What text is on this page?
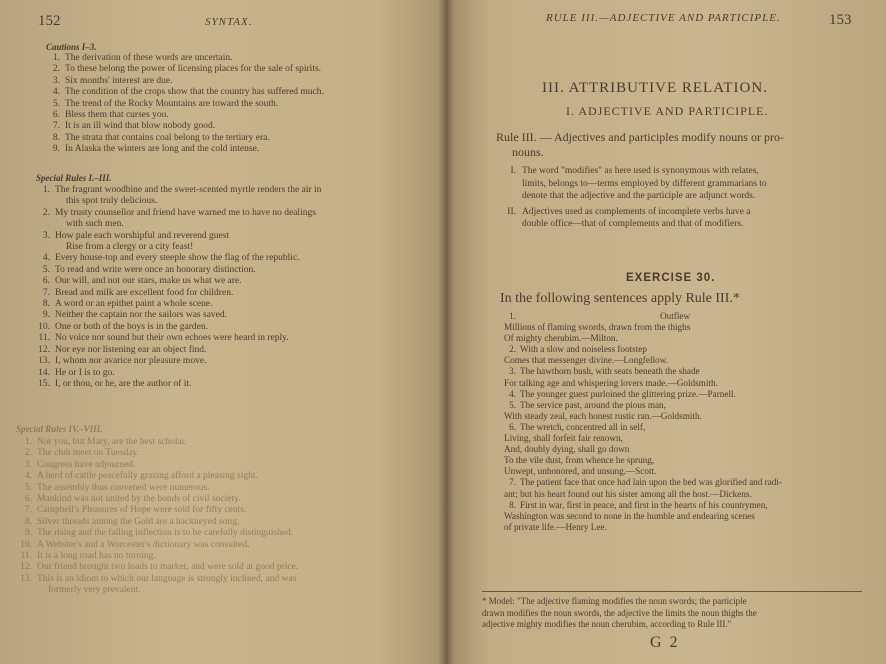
152	SYNTAX.
Cautions I–3.
1. The derivation of these words are uncertain.
2. To these belong the power of licensing places for the sale of spirits.
3. Six months' interest are due.
4. The condition of the crops show that the country has suffered much.
5. The trend of the Rocky Mountains are toward the south.
6. Bless them that curses you.
7. It is an ill wind that blow nobody good.
8. The strata that contains coal belong to the tertiary era.
9. In Alaska the winters are long and the cold intense.
Special Rules I.–III.
1. The fragrant woodbine and the sweet-scented myrtle renders the air in
this spot truly delicious.
2. My trusty counsellor and friend have warned me to have no dealings
with such men.
3. How pale each worshipful and reverend guest
Rise from a clergy or a city feast!
4. Every house-top and every steeple show the flag of the republic.
5. To read and write were once an honorary distinction.
6. Our will, and not our stars, make us what we are.
7. Bread and milk are excellent food for children.
8. A word or an epithet paint a whole scene.
9. Neither the captain nor the sailors was saved.
10. One or both of the boys is in the garden.
11. No voice nor sound but their own echoes were heard in reply.
12. Nor eye nor listening ear an object find.
13. I, whom nor avarice nor pleasure move.
14. He or I is to go.
15. I, or thou, or he, are the author of it.
Special Rules IV.–VIII.
1. Not you, but Mary, are the best scholar.
2. The club meet on Tuesday.
3. Congress have adjourned.
4. A herd of cattle peacefully grazing afford a pleasing sight.
5. The assembly thus convened were numerous.
6. Mankind was not united by the bonds of civil society.
7. Campbell's Pleasures of Hope were sold for fifty cents.
8. Silver threads among the Gold are a hackneyed song.
9. The rising and the falling inflection is to be carefully distinguished.
10. A Webster's and a Worcester's dictionary was consulted.
11. It is a long road has no turning.
12. Our friend brought two loads to market, and were sold at good price.
13. This is an idiom to which our language is strongly inclined, and was
formerly very prevalent.
RULE III.—ADJECTIVE AND PARTICIPLE.	153
III. ATTRIBUTIVE RELATION.
I. ADJECTIVE AND PARTICIPLE.
Rule III. — Adjectives and participles modify nouns or pro-
nouns.
I. The word "modifies" as here used is synonymous with relates,
limits, belongs to—terms employed by different grammarians to
denote that the adjective and the participle are adjunct words.
II. Adjectives used as complements of incomplete verbs have a
double office—that of complements and that of modifiers.
EXERCISE 30.
In the following sentences apply Rule III.*
1.	Outflew
Millions of flaming swords, drawn from the thighs
Of mighty cherubim.—Milton.
2. With a slow and noiseless footstep
Comes that messenger divine.—Longfellow.
3. The hawthorn bush, with seats beneath the shade
For talking age and whispering lovers made.—Goldsmith.
4. The younger guest purloined the glittering prize.—Parnell.
5. The service past, around the pious man,
With steady zeal, each honest rustic ran.—Goldsmith.
6. The wretch, concentred all in self,
Living, shall forfeit fair renown,
And, doubly dying, shall go down
To the vile dust, from whence he sprung,
Unwept, unhonored, and unsung.—Scott.
7. The patient face that once had lain upon the bed was glorified and radi-
ant; but his heart found out his sister among all the host.—Dickens.
8. First in war, first in peace, and first in the hearts of his countrymen,
Washington was second to none in the humble and endearing scenes
of private life.—Henry Lee.
* Model: "The adjective flaming modifies the noun swords; the participle
drawn modifies the noun swords, the adjective the limits the noun thighs the
adjective mighty modifies the noun cherubim, according to Rule III."
G 2
